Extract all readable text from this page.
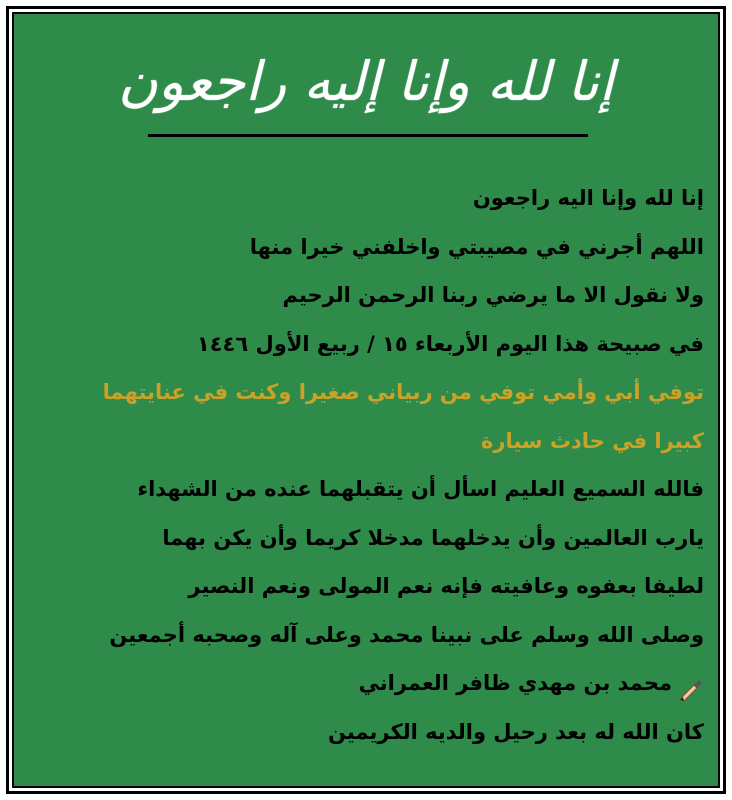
إنا لله وإنا إليه راجعون
إنا لله وإنا اليه راجعون
اللهم أجرني في مصيبتي واخلفني خيرا منها
ولا نقول الا ما يرضي ربنا الرحمن الرحيم
في صبيحة هذا اليوم الأربعاء ١٥ / ربيع الأول ١٤٤٦
توفي أبي وأمي توفي من ربياني صغيرا وكنت في عنايتهما
كبيرا في حادث سيارة
فالله السميع العليم اسأل أن يتقبلهما عنده من الشهداء
يارب العالمين وأن يدخلهما مدخلا كريما وأن يكن بهما
لطيفا بعفوه وعافيته فإنه نعم المولى ونعم النصير
وصلى الله وسلم على نبينا محمد وعلى آله وصحبه أجمعين
محمد بن مهدي ظافر العمراني
كان الله له بعد رحيل والديه الكريمين
